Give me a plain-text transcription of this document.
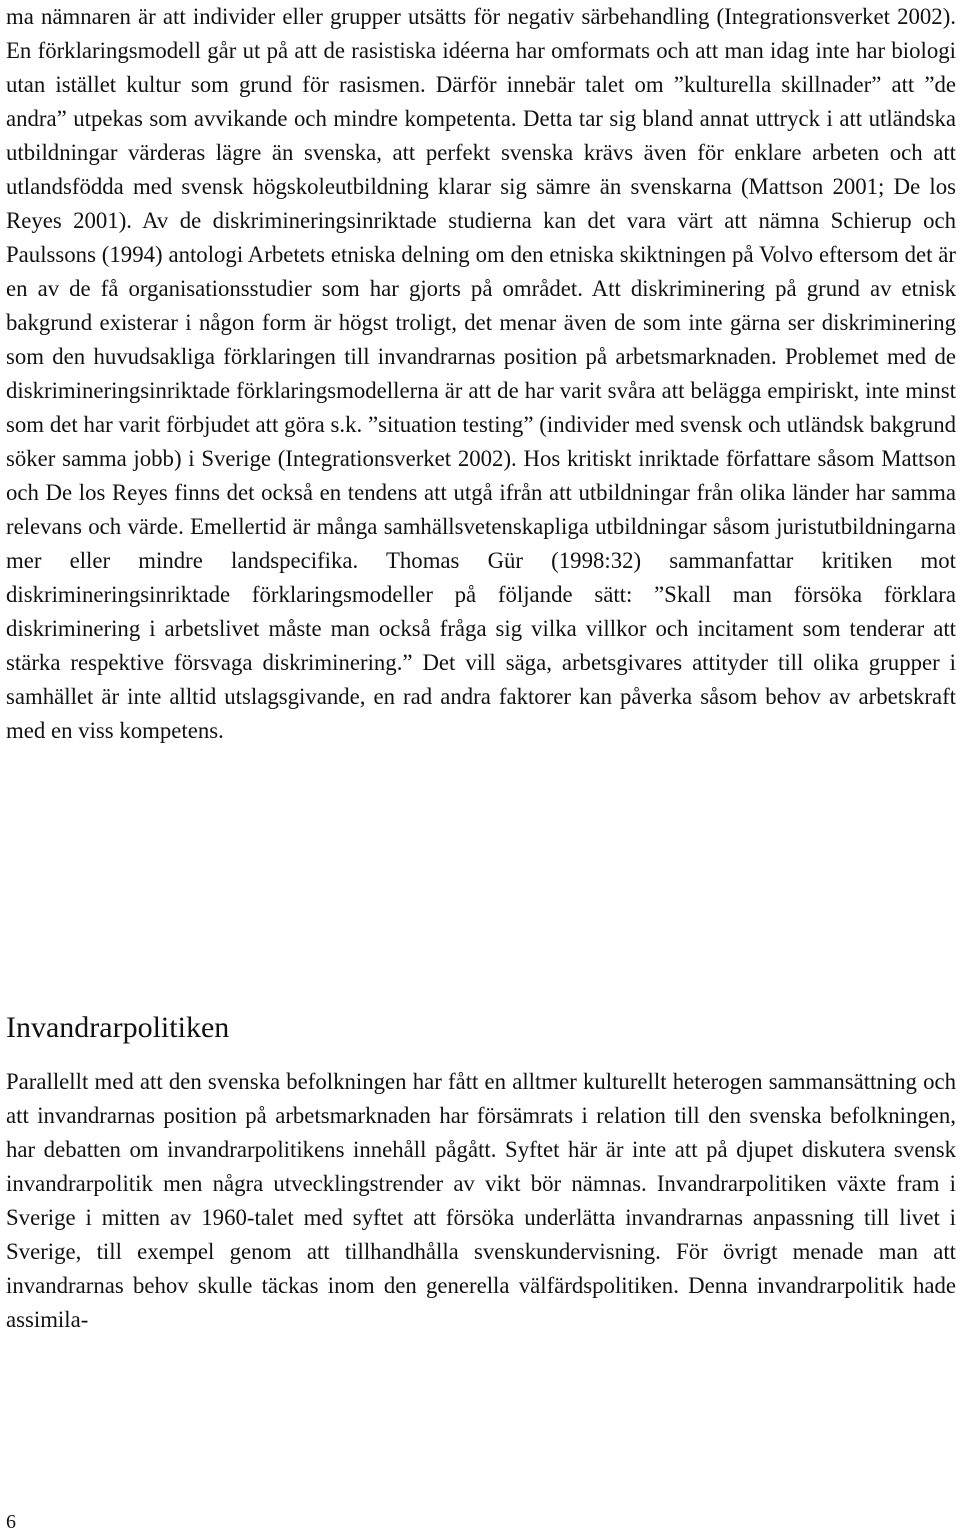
ma nämnaren är att individer eller grupper utsätts för negativ särbehandling (Integrationsverket 2002). En förklaringsmodell går ut på att de rasistiska idéerna har omformats och att man idag inte har biologi utan istället kultur som grund för rasismen. Därför innebär talet om ”kulturella skillnader” att ”de andra” utpekas som avvikande och mindre kompetenta. Detta tar sig bland annat uttryck i att utländska utbildningar värderas lägre än svenska, att perfekt svenska krävs även för enklare arbeten och att utlandsfödda med svensk högskoleutbildning klarar sig sämre än svenskarna (Mattson 2001; De los Reyes 2001). Av de diskrimineringsinriktade studierna kan det vara värt att nämna Schierup och Paulssons (1994) antologi Arbetets etniska delning om den etniska skiktningen på Volvo eftersom det är en av de få organisationsstudier som har gjorts på området. Att diskriminering på grund av etnisk bakgrund existerar i någon form är högst troligt, det menar även de som inte gärna ser diskriminering som den huvudsakliga förklaringen till invandrarnas position på arbetsmarknaden. Problemet med de diskrimineringsinriktade förklaringsmodellerna är att de har varit svåra att belägga empiriskt, inte minst som det har varit förbjudet att göra s.k. ”situation testing” (individer med svensk och utländsk bakgrund söker samma jobb) i Sverige (Integrationsverket 2002). Hos kritiskt inriktade författare såsom Mattson och De los Reyes finns det också en tendens att utgå ifrån att utbildningar från olika länder har samma relevans och värde. Emellertid är många samhällsvetenskapliga utbildningar såsom juristutbildningarna mer eller mindre landspecifika. Thomas Gür (1998:32) sammanfattar kritiken mot diskrimineringsinriktade förklaringsmodeller på följande sätt: ”Skall man försöka förklara diskriminering i arbetslivet måste man också fråga sig vilka villkor och incitament som tenderar att stärka respektive försvaga diskriminering.” Det vill säga, arbetsgivares attityder till olika grupper i samhället är inte alltid utslagsgivande, en rad andra faktorer kan påverka såsom behov av arbetskraft med en viss kompetens.

Invandrarpolitiken

Parallellt med att den svenska befolkningen har fått en alltmer kulturellt heterogen sammansättning och att invandrarnas position på arbetsmarknaden har försämrats i relation till den svenska befolkningen, har debatten om invandrarpolitikens innehåll pågått. Syftet här är inte att på djupet diskutera svensk invandrarpolitik men några utvecklingstrender av vikt bör nämnas. Invandrarpolitiken växte fram i Sverige i mitten av 1960-talet med syftet att försöka underlätta invandrarnas anpassning till livet i Sverige, till exempel genom att tillhandhålla svenskundervisning. För övrigt menade man att invandrarnas behov skulle täckas inom den generella välfärdspolitiken. Denna invandrarpolitik hade assimila-

6
